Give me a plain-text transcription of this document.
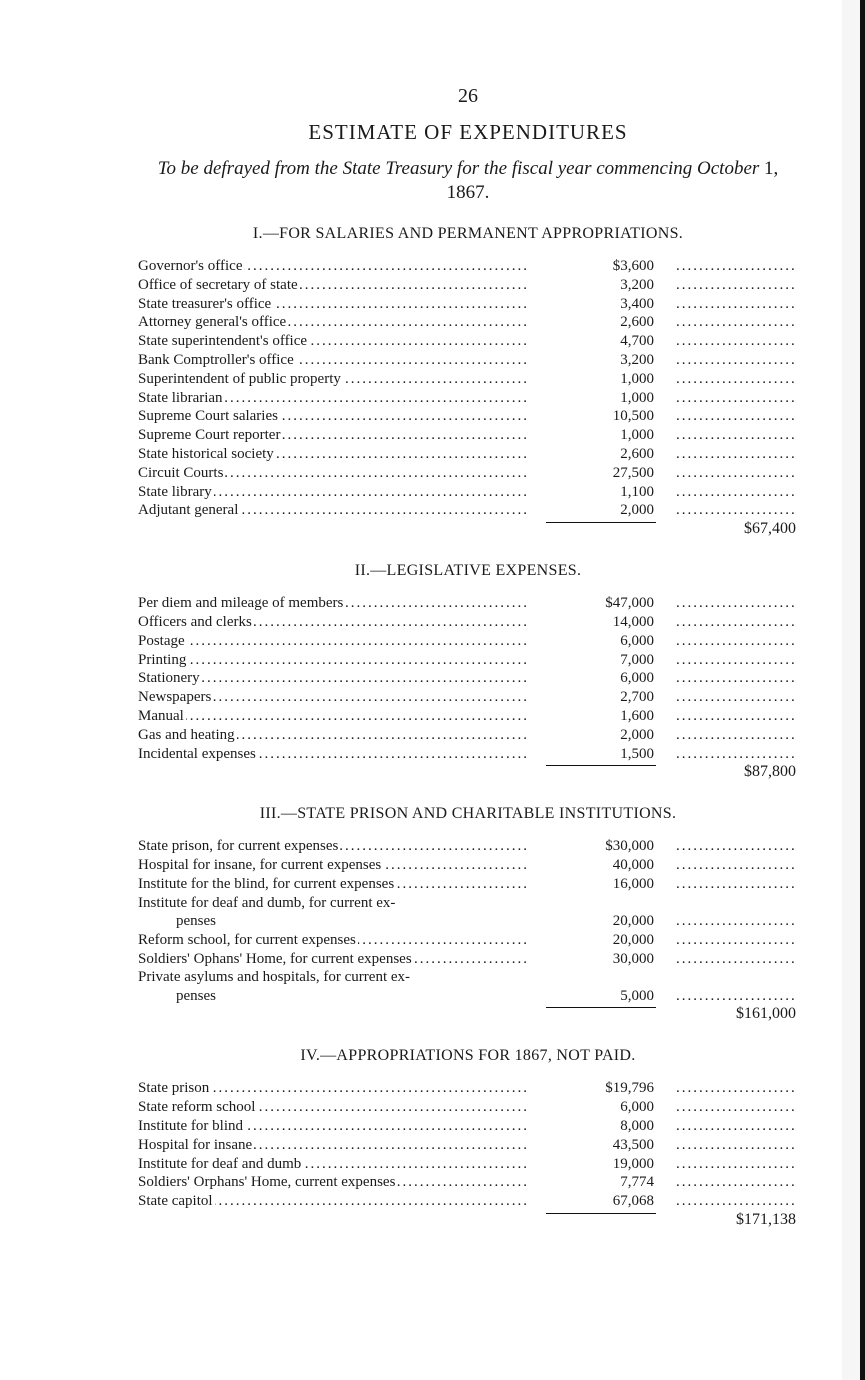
26
ESTIMATE OF EXPENDITURES
To be defrayed from the State Treasury for the fiscal year commencing October 1, 1867.
I.—FOR SALARIES AND PERMANENT APPROPRIATIONS.
Governor's office .....	$3,600
.....
Office of secretary of state .....	3,200
.....
State treasurer's office .....	3,400
.....
Attorney general's office .....	2,600
.....
State superintendent's office .....	4,700
.....
Bank Comptroller's office .....	3,200
.....
Superintendent of public property .....	1,000
.....
State librarian .....	1,000
.....
Supreme Court salaries .....	10,500
.....
Supreme Court reporter .....	1,000
.....
State historical society .....	2,600
.....
Circuit Courts .....	27,500
.....
State library .....	1,100
.....
Adjutant general .....	2,000
.....
$67,400
II.—LEGISLATIVE EXPENSES.
Per diem and mileage of members .....	$47,000
.....
Officers and clerks .....	14,000
.....
Postage .....	6,000
.....
Printing .....	7,000
.....
Stationery .....	6,000
.....
Newspapers .....	2,700
.....
Manual .....	1,600
.....
Gas and heating .....	2,000
.....
Incidental expenses .....	1,500
.....
$87,800
III.—STATE PRISON AND CHARITABLE INSTITUTIONS.
State prison, for current expenses .....	$30,000
.....
Hospital for insane, for current expenses .....	40,000
.....
Institute for the blind, for current expenses .....	16,000
.....
Institute for deaf and dumb, for current ex-
penses
.....	20,000
.....
Reform school, for current expenses .....	20,000
.....
Soldiers' Ophans' Home, for current expenses .....	30,000
.....
Private asylums and hospitals, for current ex-
penses
.....	5,000
.....
$161,000
IV.—APPROPRIATIONS FOR 1867, NOT PAID.
State prison .....	$19,796
.....
State reform school .....	6,000
.....
Institute for blind .....	8,000
.....
Hospital for insane .....	43,500
.....
Institute for deaf and dumb .....	19,000
.....
Soldiers' Orphans' Home, current expenses .....	7,774
.....
State capitol .....	67,068
.....
$171,138
